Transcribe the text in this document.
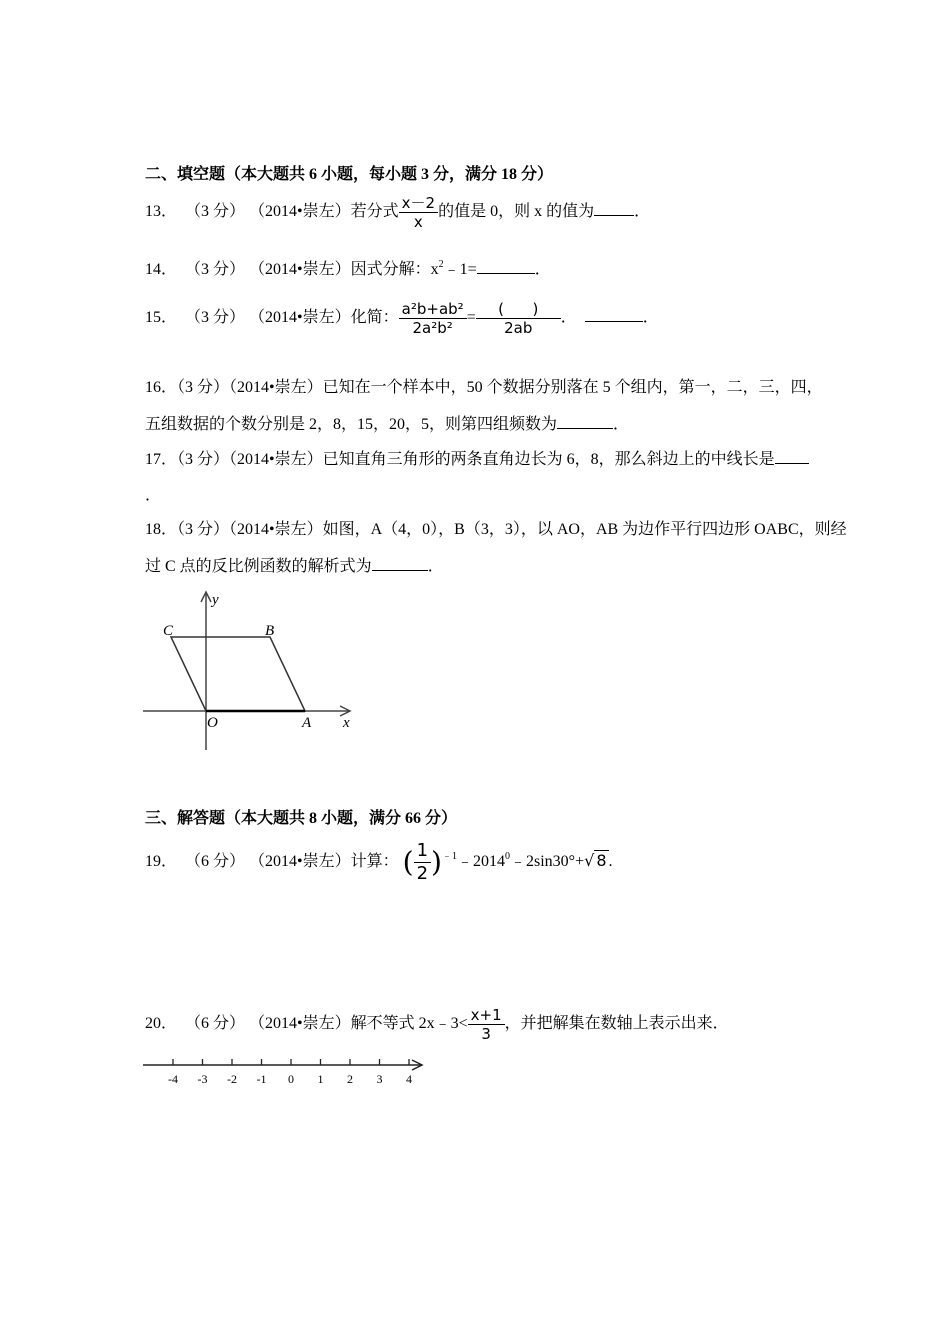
二、填空题（本大题共 6 小题，每小题 3 分，满分 18 分）
13． （3 分） （2014•崇左）若分式 $\frac{x-2}{x}$ 的值是 0，则 x 的值为	．
14． （3 分） （2014•崇左）因式分解：$x^2﹣1=$	．
15． （3 分） （2014•崇左）化简： $\frac{\text{a²b+ab²}}{\text{2a²b²}} = \frac{( )}{2ab}$ ．	．
16．（3 分）（2014•崇左）已知在一个样本中，50 个数据分别落在 5 个组内，第一，二，三，四，
五组数据的个数分别是 2，8，15，20，5，则第四组频数为	．
17．（3 分）（2014•崇左）已知直角三角形的两条直角边长为 6，8，那么斜边上的中线长是
．
18．（3 分）（2014•崇左）如图，A（4，0），B（3，3），以 AO，AB 为边作平行四边形 OABC，则经
过 C 点的反比例函数的解析式为	．
y
x
O	A
B
C
三、解答题（本大题共 8 小题，满分 66 分）
19． （6 分） （2014•崇左）计算： ( $\frac{1}{2}$ )$^{﹣1}﹣2014^0﹣2\sin 30^\circ+√$ 8 .
20． （6 分） （2014•崇左）解不等式 2x﹣3< $\frac{x+1}{3}$ ，并把解集在数轴上表示出来．
-4 -3 -2 -1 0 1 2 3 4
